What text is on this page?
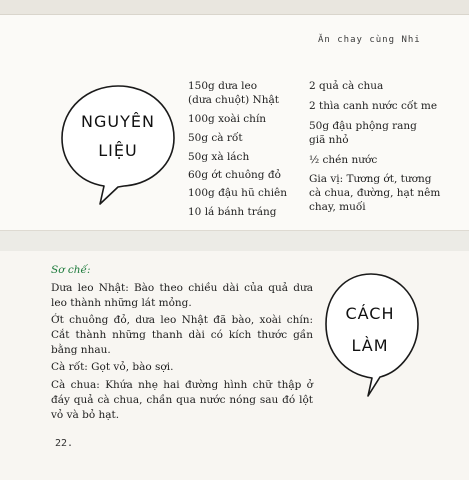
Ăn chay cùng Nhi
NGUYÊN
LIỆU
150g dưa leo
(dưa chuột) Nhật
100g xoài chín
50g cà rốt
50g xà lách
60g ớt chuông đỏ
100g đậu hũ chiên
10 lá bánh tráng
2 quả cà chua
2 thìa canh nước cốt me
50g đậu phộng rang
giã nhỏ
½ chén nước
Gia vị: Tương ớt, tương
cà chua, đường, hạt nêm
chay, muối
CÁCH
LÀM
Sơ chế:
Dưa leo Nhật: Bào theo chiều dài của quả dưa leo thành những lát mỏng.
Ớt chuông đỏ, dưa leo Nhật đã bào, xoài chín: Cắt thành những thanh dài có kích thước gần bằng nhau.
Cà rốt: Gọt vỏ, bào sợi.
Cà chua: Khứa nhẹ hai đường hình chữ thập ở đáy quả cà chua, chần qua nước nóng sau đó lột vỏ và bỏ hạt.
22.
